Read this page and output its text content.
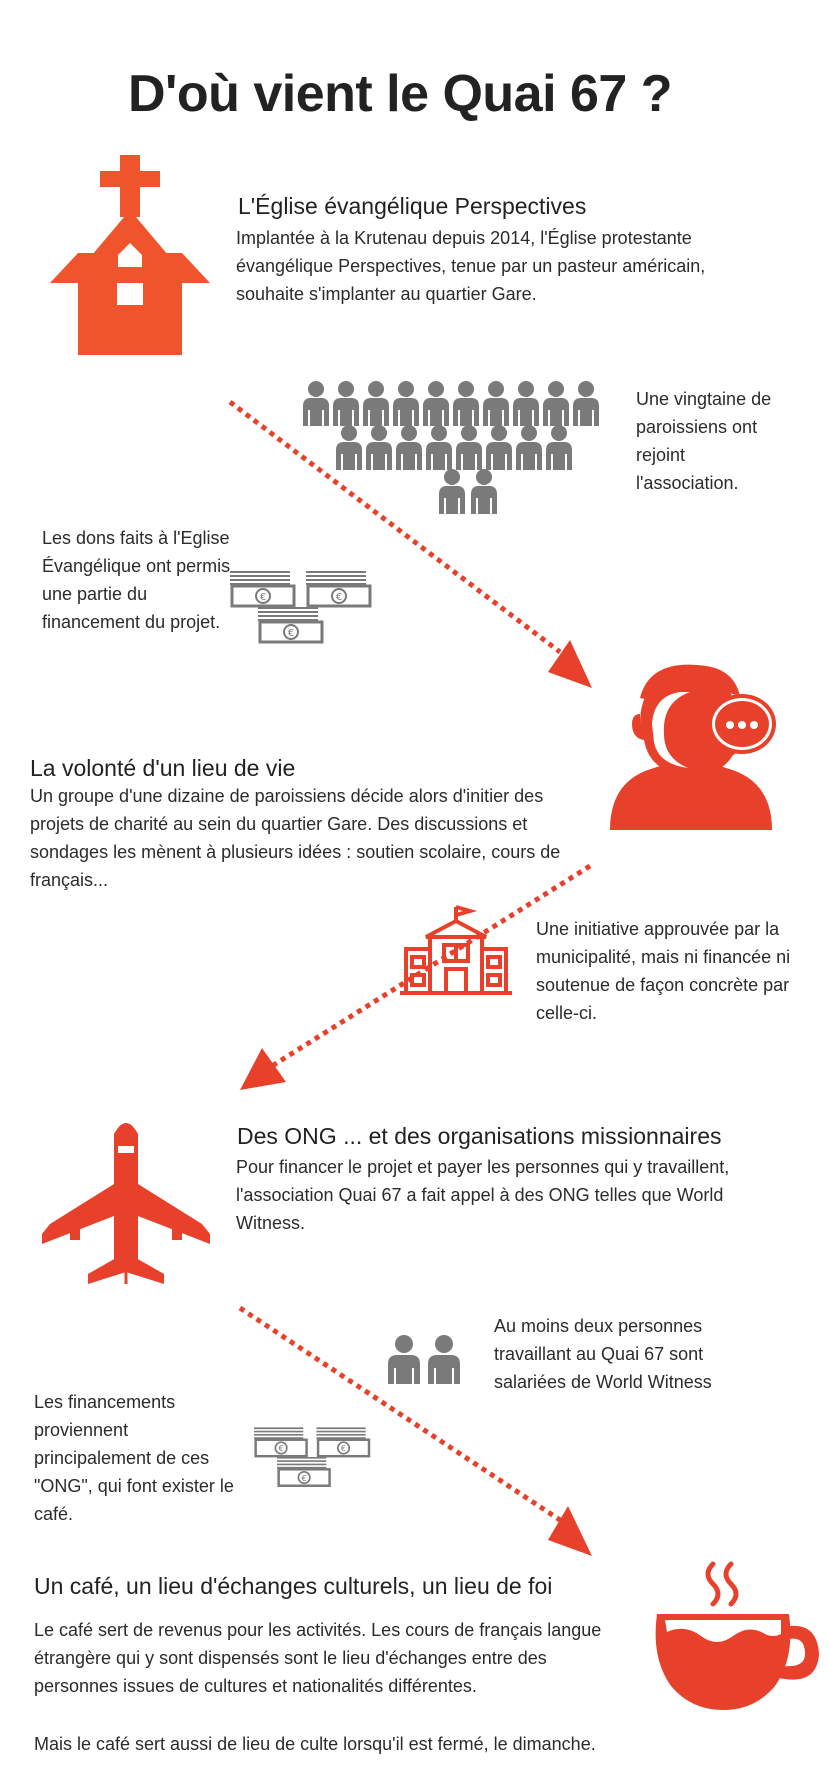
D'où vient le Quai 67 ?
L'Église évangélique Perspectives
Implantée à la Krutenau depuis 2014, l'Église protestante évangélique Perspectives, tenue par un pasteur américain, souhaite s'implanter au quartier Gare.
Une vingtaine de paroissiens ont rejoint l'association.
Les dons faits à l'Eglise Évangélique ont permis une partie du financement du projet.
La volonté d'un lieu de vie
Un groupe d'une dizaine de paroissiens décide alors d'initier des projets de charité au sein du quartier Gare. Des discussions et sondages les mènent à plusieurs idées : soutien scolaire, cours de français...
Une initiative approuvée par la municipalité, mais ni financée ni soutenue de façon concrète par celle-ci.
Des ONG ... et des organisations missionnaires
Pour financer le projet et payer les personnes qui y travaillent, l'association Quai 67 a fait appel à des ONG telles que World Witness.
Au moins deux personnes travaillant au Quai 67 sont salariées de World Witness
Les financements proviennent principalement de ces "ONG", qui font exister le café.
Un café, un lieu d'échanges culturels, un lieu de foi
Le café sert de revenus pour les activités. Les cours de français langue étrangère qui y sont dispensés sont le lieu d'échanges entre des personnes issues de cultures et nationalités différentes.
Mais le café sert aussi de lieu de culte lorsqu'il est fermé, le dimanche.
